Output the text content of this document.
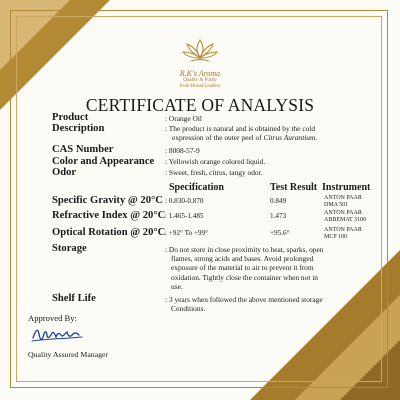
R.K's Aroma
Quality & Purity
from Broad Leaders
CERTIFICATE OF ANALYSIS
Product	: Orange Oil
Description	: The product is natural and is obtained by the cold
expression of the outer peel of Citrus Aurantium.
CAS Number	: 8008-57-9
Color and Appearance : Yellowish orange colored liquid.
Odor	: Sweet, fresh, citrus, tangy odor.
Specification	Test Result Instrument
Specific Gravity @ 20°C : 0.830-0.870	0.849	ANTON PAAR
DMA 501
Refractive Index @ 20°C : 1.465-1.485	1.473	ANTON PAAR
ABBEMAT 3100
Optical Rotation @ 20°C : +92° To +99°	+95.6°	ANTON PAAR
MCP 100
Storage	: Do not store in close proximity to heat, sparks, open
flames, strong acids and bases. Avoid prolonged
exposure of the material to air to prevent it from
oxidation. Tightly close the container when not in
use.
Shelf Life	: 3 years when followed the above mentioned storage
Conditions.
Approved By:
Quality Assured Manager
